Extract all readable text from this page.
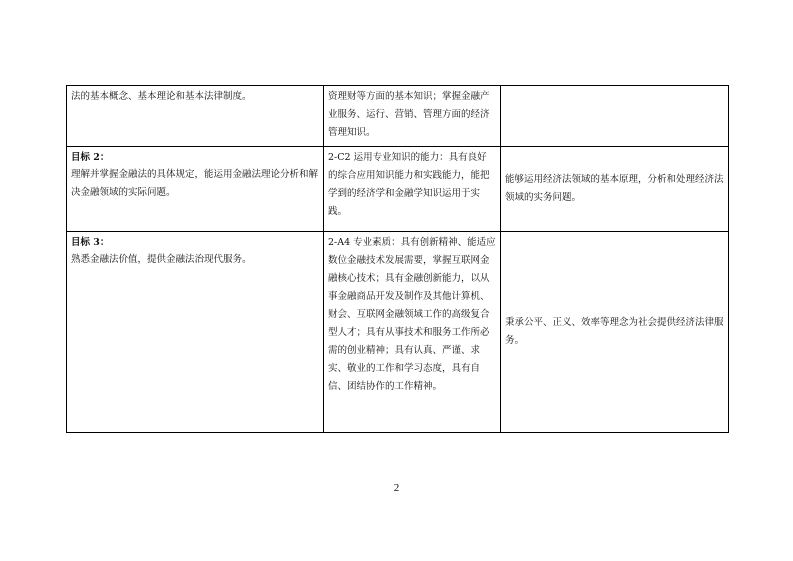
法的基本概念、基本理论和基本法律制度。	资理财等方面的基本知识；掌握金融产业服务、运行、营销、管理方面的经济管理知识。	

目标 2：
理解并掌握金融法的具体规定，能运用金融法理论分析和解决金融领域的实际问题。	2-C2 运用专业知识的能力：具有良好的综合应用知识能力和实践能力，能把学到的经济学和金融学知识运用于实践。	能够运用经济法领域的基本原理，分析和处理经济法领域的实务问题。

目标 3：
熟悉金融法价值，提供金融法治现代服务。	2-A4 专业素质：具有创新精神、能适应数位金融技术发展需要，掌握互联网金融核心技术；具有金融创新能力，以从事金融商品开发及制作及其他计算机、财会、互联网金融领域工作的高级复合型人才；具有从事技术和服务工作所必需的创业精神；具有认真、严谨、求实、敬业的工作和学习态度，具有自信、团结协作的工作精神。	秉承公平、正义、效率等理念为社会提供经济法律服务。
2
